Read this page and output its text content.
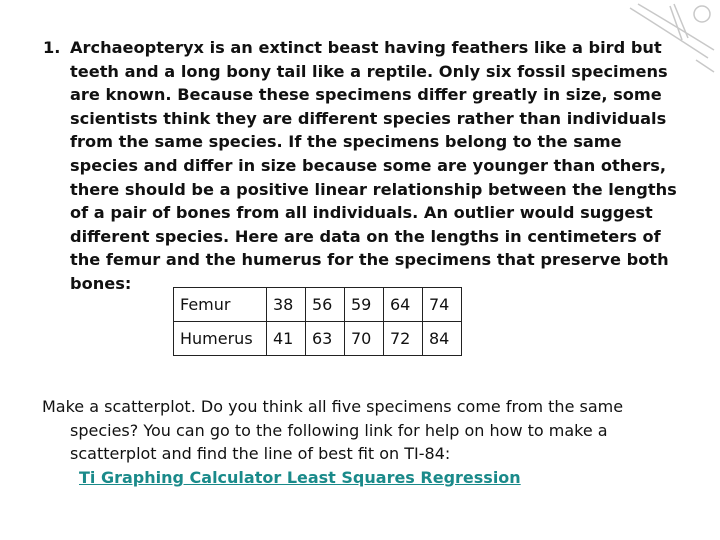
1. Archaeopteryx is an extinct beast having feathers like a bird but teeth and a long bony tail like a reptile. Only six fossil specimens are known. Because these specimens differ greatly in size, some scientists think they are different species rather than individuals from the same species. If the specimens belong to the same species and differ in size because some are younger than others, there should be a positive linear relationship between the lengths of a pair of bones from all individuals. An outlier would suggest different species. Here are data on the lengths in centimeters of the femur and the humerus for the specimens that preserve both bones:
Femur	38	56	59	64	74
Humerus	41	63	70	72	84
Make a scatterplot. Do you think all five specimens come from the same
species? You can go to the following link for help on how to make a scatterplot and find the line of best fit on TI-84:
Ti Graphing Calculator Least Squares Regression
